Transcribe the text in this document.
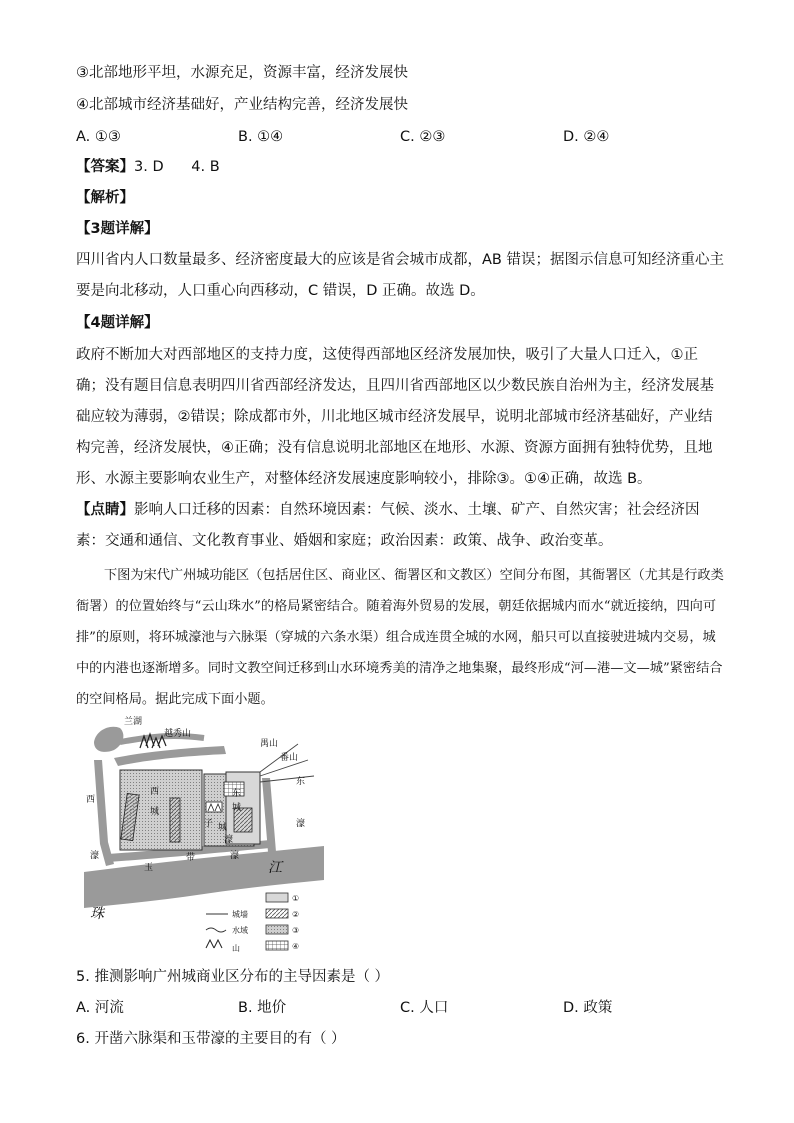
③北部地形平坦，水源充足，资源丰富，经济发展快
④北部城市经济基础好，产业结构完善，经济发展快
A. ①③	B. ①④	C. ②③	D. ②④
【答案】3. D      4. B
【解析】
【3题详解】
四川省内人口数量最多、经济密度最大的应该是省会城市成都，AB 错误；据图示信息可知经济重心主要是向北移动，人口重心向西移动，C 错误，D 正确。故选 D。
【4题详解】
政府不断加大对西部地区的支持力度，这使得西部地区经济发展加快，吸引了大量人口迁入，①正确；没有题目信息表明四川省西部经济发达，且四川省西部地区以少数民族自治州为主，经济发展基础应较为薄弱，②错误；除成都市外，川北地区城市经济发展早，说明北部城市经济基础好，产业结构完善，经济发展快，④正确；没有信息说明北部地区在地形、水源、资源方面拥有独特优势，且地形、水源主要影响农业生产，对整体经济发展速度影响较小，排除③。①④正确，故选 B。
【点睛】影响人口迁移的因素：自然环境因素：气候、淡水、土壤、矿产、自然灾害；社会经济因素：交通和通信、文化教育事业、婚姻和家庭；政治因素：政策、战争、政治变革。
下图为宋代广州城功能区（包括居住区、商业区、衙署区和文教区）空间分布图，其衙署区（尤其是行政类衙署）的位置始终与“云山珠水”的格局紧密结合。随着海外贸易的发展，朝廷依据城内而水“就近接纳，四向可排”的原则，将环城濠池与六脉渠（穿城的六条水渠）组合成连贯全城的水网，船只可以直接驶进城内交易，城中的内港也逐渐增多。同时文教空间迁移到山水环境秀美的清净之地集聚，最终形成“河—港—文—城”紧密结合的空间格局。据此完成下面小题。
兰湖
越秀山
禺山
番山
西
濠
西
城
东
城
子 城
东
濠
濠
玉
带	濠
江
珠	城墙
水域
山
①
②
③
④
5. 推测影响广州城商业区分布的主导因素是（ ）
A. 河流	B. 地价	C. 人口	D. 政策
6. 开凿六脉渠和玉带濠的主要目的有（ ）
